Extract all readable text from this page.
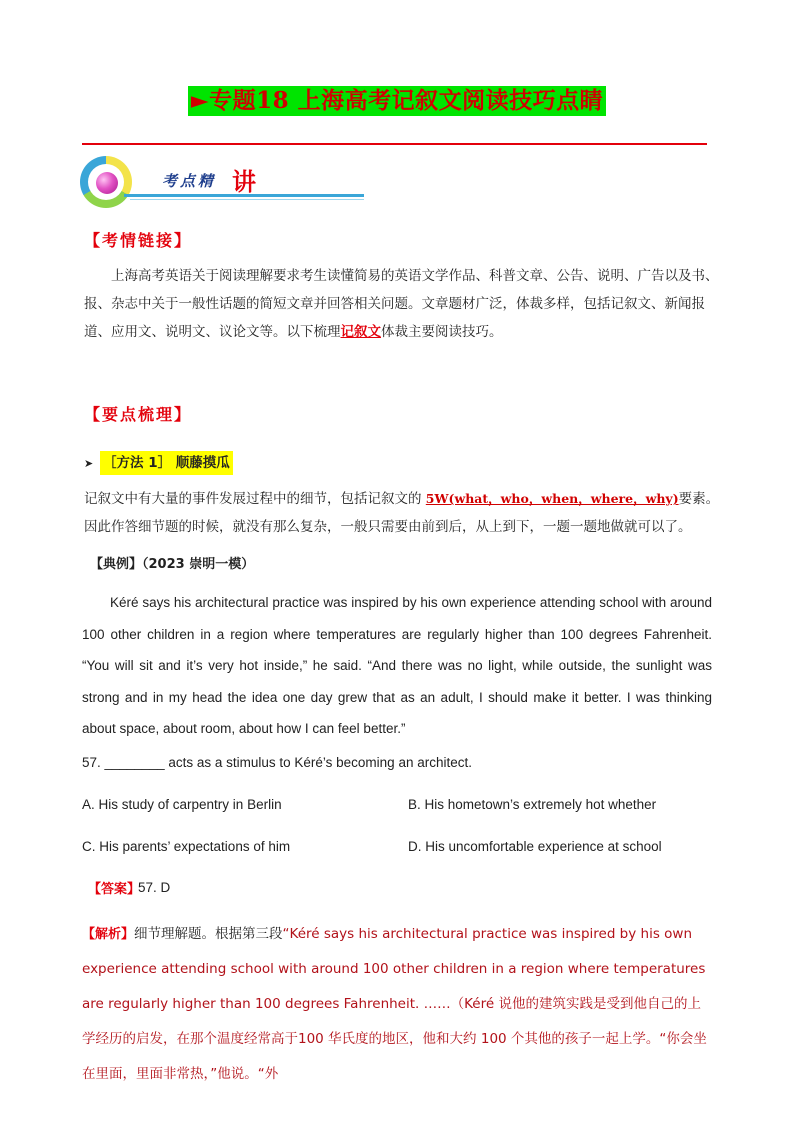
►专题18 上海高考记叙文阅读技巧点睛
考点精 讲
【考情链接】
上海高考英语关于阅读理解要求考生读懂简易的英语文学作品、科普文章、公告、说明、广告以及书、报、杂志中关于一般性话题的简短文章并回答相关问题。文章题材广泛，体裁多样，包括记叙文、新闻报道、应用文、说明文、议论文等。以下梳理记叙文体裁主要阅读技巧。
【要点梳理】
➤ ［方法 1］ 顺藤摸瓜
记叙文中有大量的事件发展过程中的细节，包括记叙文的 5W(what，who，when，where，why)要素。因此作答细节题的时候，就没有那么复杂，一般只需要由前到后，从上到下，一题一题地做就可以了。
【典例】（2023 崇明一模）
Kéré says his architectural practice was inspired by his own experience attending school with around 100 other children in a region where temperatures are regularly higher than 100 degrees Fahrenheit. “You will sit and it’s very hot inside,” he said. “And there was no light, while outside, the sunlight was strong and in my head the idea one day grew that as an adult, I should make it better. I was thinking about space, about room, about how I can feel better.”
57. ________ acts as a stimulus to Kéré’s becoming an architect.
A. His study of carpentry in Berlin	B. His hometown’s extremely hot whether
C. His parents’ expectations of him	D. His uncomfortable experience at school
【答案】
57. D
【解析】细节理解题。根据第三段“Kéré says his architectural practice was inspired by his own experience attending school with around 100 other children in a region where temperatures are regularly higher than 100 degrees Fahrenheit. ……（Kéré 说他的建筑实践是受到他自己的上学经历的启发，在那个温度经常高于100 华氏度的地区，他和大约 100 个其他的孩子一起上学。“你会坐在里面，里面非常热，”他说。“外
